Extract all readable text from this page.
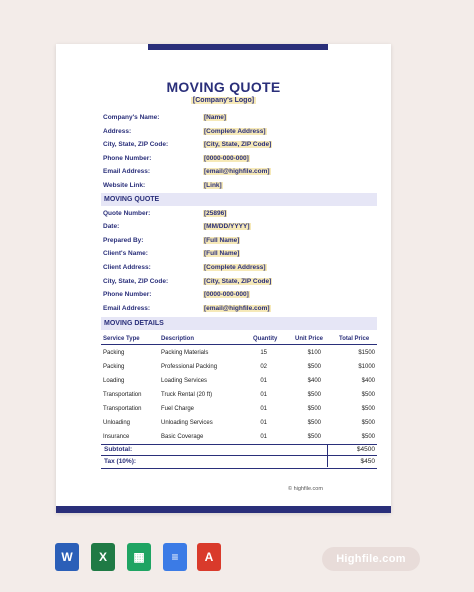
MOVING QUOTE
[Company's Logo]
Company's Name:	[Name]
Address:	[Complete Address]
City, State, ZIP Code:	[City, State, ZIP Code]
Phone Number:	[0000-000-000]
Email Address:	[email@highfile.com]
Website Link:	[Link]
MOVING QUOTE
Quote Number:	[25896]
Date:	[MM/DD/YYYY]
Prepared By:	[Full Name]
Client's Name:	[Full Name]
Client Address:	[Complete Address]
City, State, ZIP Code:	[City, State, ZIP Code]
Phone Number:	[0000-000-000]
Email Address:	[email@highfile.com]
MOVING DETAILS
Service Type	Description	Quantity	Unit Price	Total Price
Packing	Packing Materials	15	$100	$1500
Packing	Professional Packing	02	$500	$1000
Loading	Loading Services	01	$400	$400
Transportation	Truck Rental (20 ft)	01	$500	$500
Transportation	Fuel Charge	01	$500	$500
Unloading	Unloading Services	01	$500	$500
Insurance	Basic Coverage	01	$500	$500
Subtotal:	$4500
Tax (10%):	$450
© highfile.com
W	X	▦	≡	A	Highfile.com
